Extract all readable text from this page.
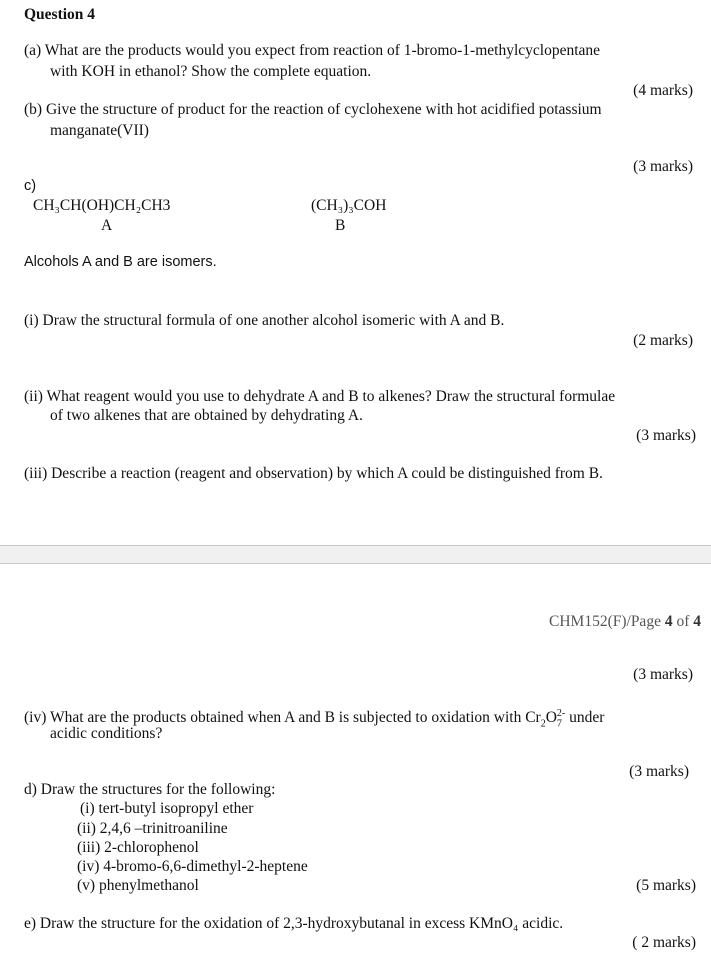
Question 4
(a) What are the products would you expect from reaction of 1-bromo-1-methylcyclopentane
with KOH in ethanol? Show the complete equation.
(4 marks)
(b) Give the structure of product for the reaction of cyclohexene with hot acidified potassium
manganate(VII)
(3 marks)
c)
CH₃CH(OH)CH₂CH3
A
(CH₃)₃COH
B
Alcohols A and B are isomers.
(i) Draw the structural formula of one another alcohol isomeric with A and B.
(2 marks)
(ii) What reagent would you use to dehydrate A and B to alkenes? Draw the structural formulae
of two alkenes that are obtained by dehydrating A.
(3 marks)
(iii) Describe a reaction (reagent and observation) by which A could be distinguished from B.
CHM152(F)/Page 4 of 4
(3 marks)
(iv) What are the products obtained when A and B is subjected to oxidation with $Cr_2O_7^{2-}$ under
acidic conditions?
(3 marks)
d) Draw the structures for the following:
(i) tert-butyl isopropyl ether
(ii) 2,4,6 –trinitroaniline
(iii) 2-chlorophenol
(iv) 4-bromo-6,6-dimethyl-2-heptene
(v) phenylmethanol	(5 marks)
e) Draw the structure for the oxidation of 2,3-hydroxybutanal in excess KMnO₄ acidic.
( 2 marks)
